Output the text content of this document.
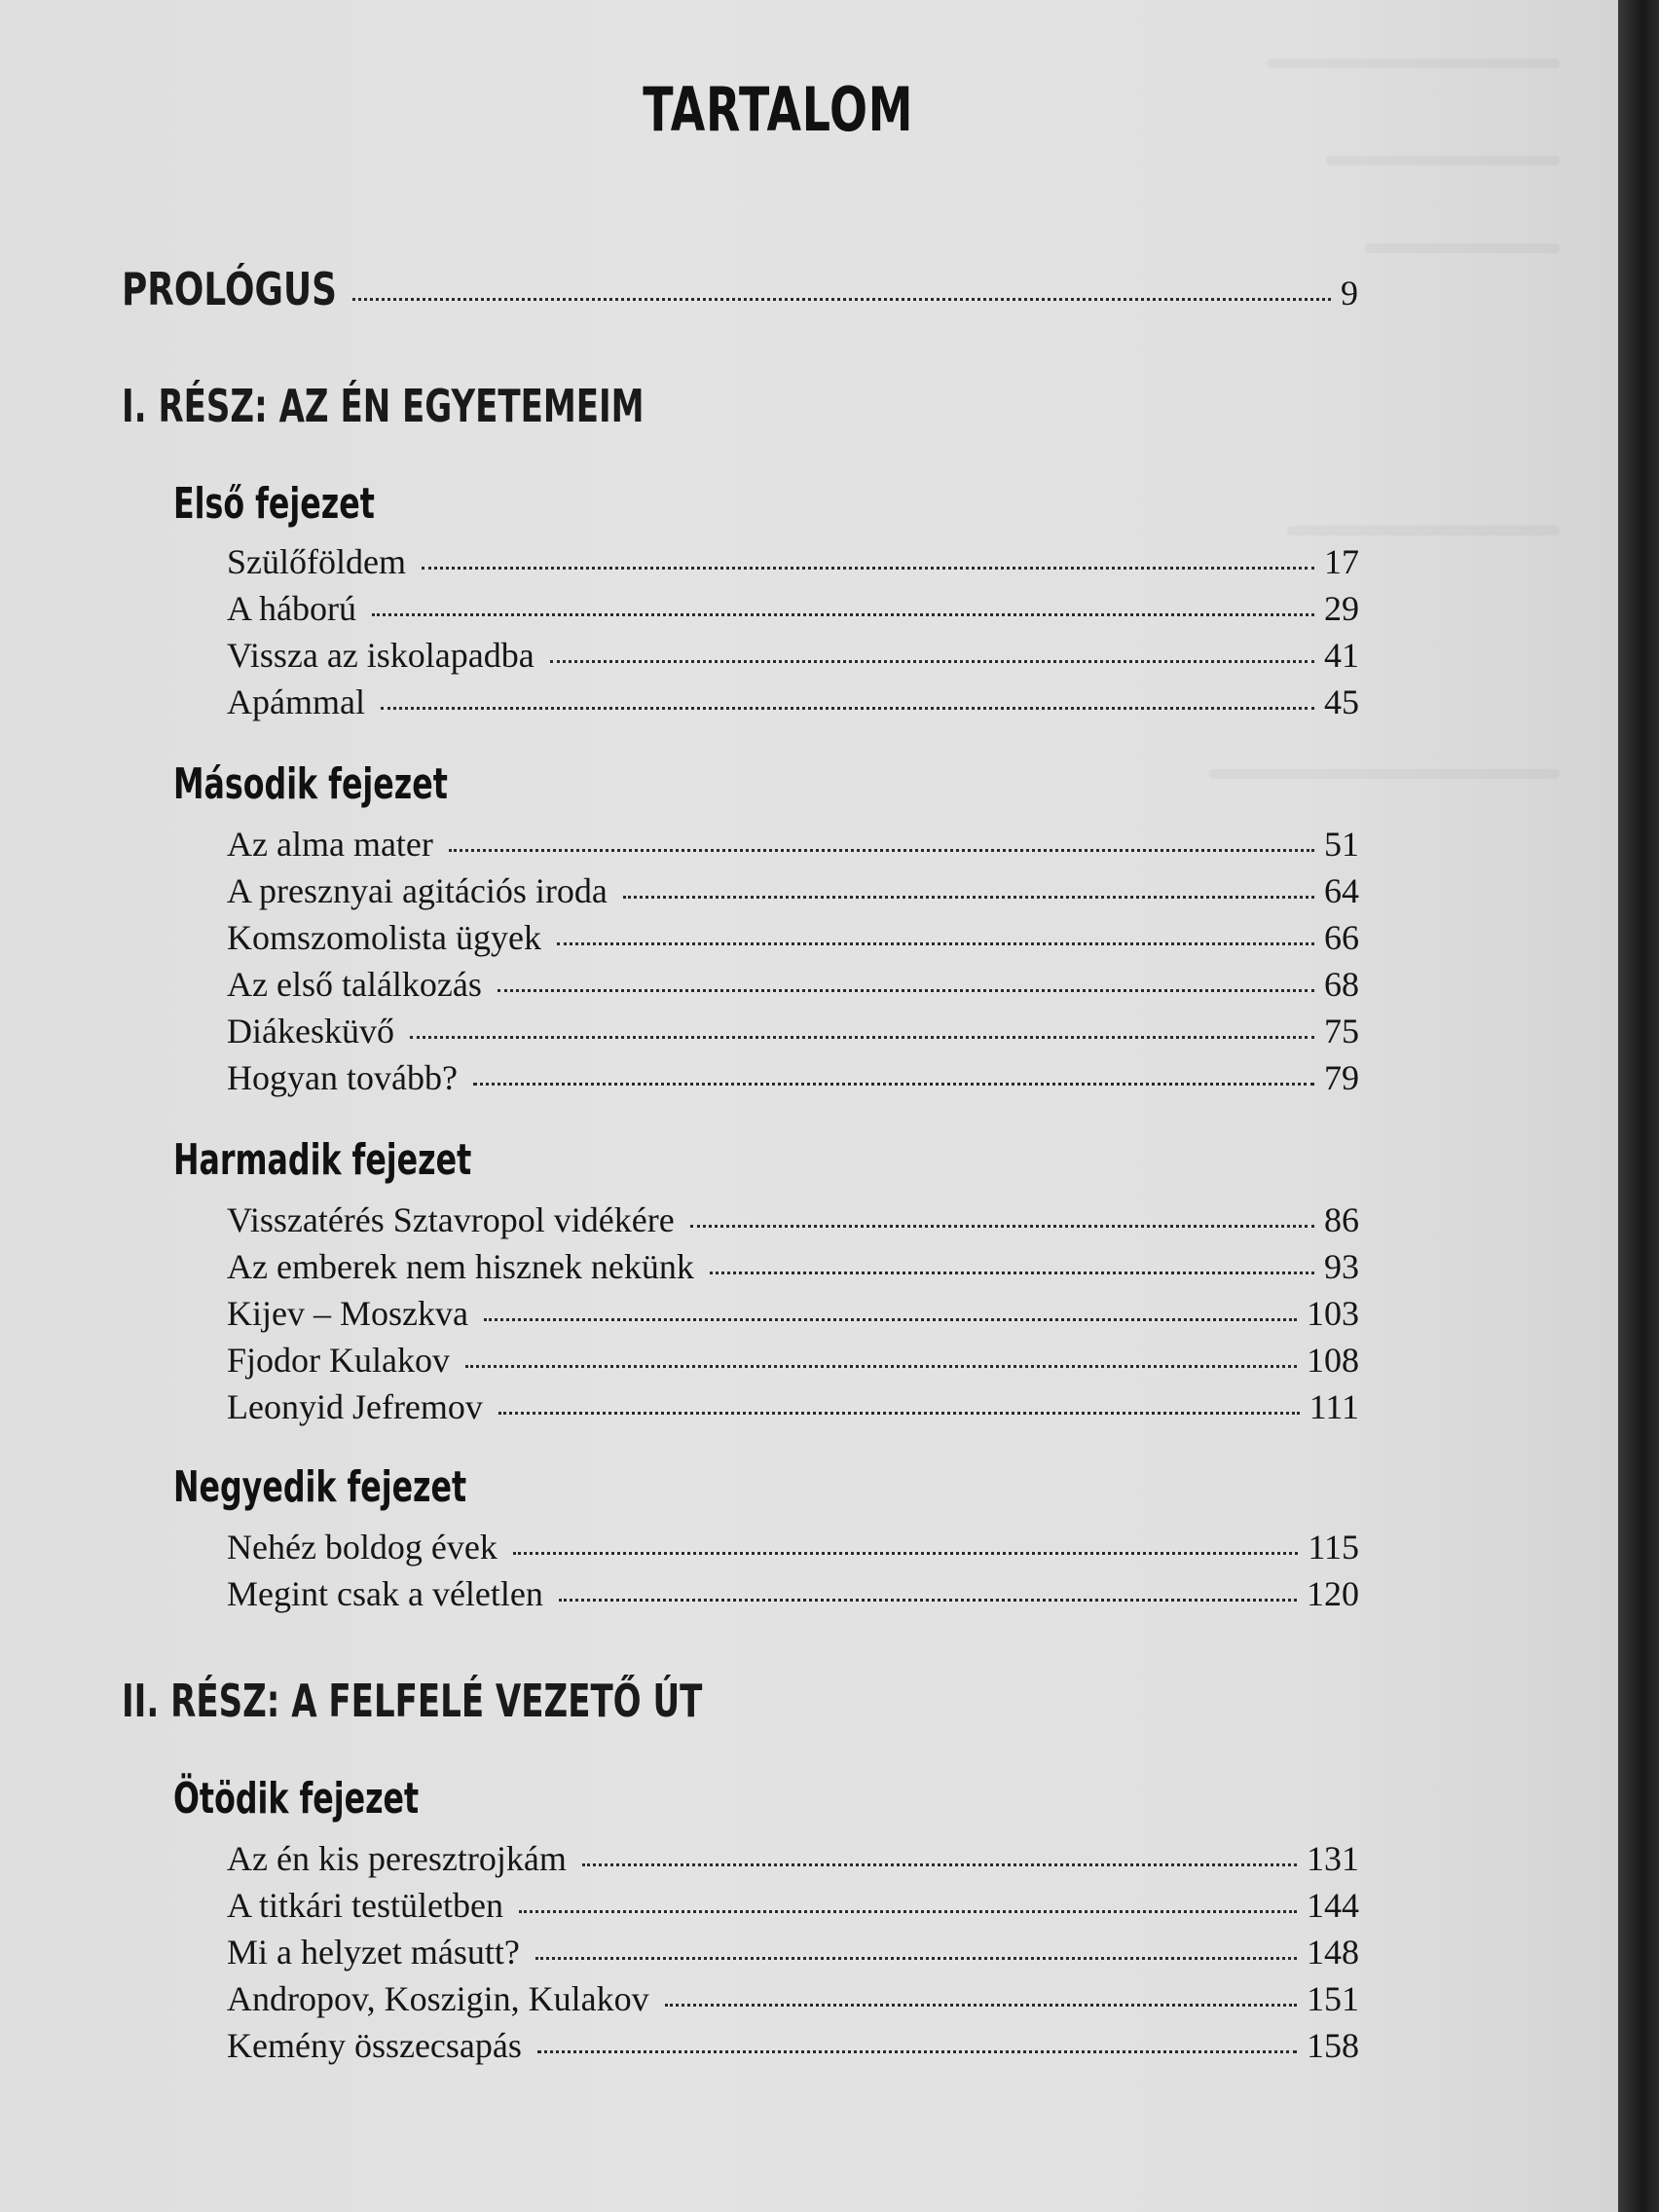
TARTALOM
PROLÓGUS	9
I. RÉSZ: AZ ÉN EGYETEMEIM
Első fejezet
Szülőföldem	17
A háború	29
Vissza az iskolapadba	41
Apámmal	45
Második fejezet
Az alma mater	51
A presznyai agitációs iroda	64
Komszomolista ügyek	66
Az első találkozás	68
Diákesküvő	75
Hogyan tovább?	79
Harmadik fejezet
Visszatérés Sztavropol vidékére	86
Az emberek nem hisznek nekünk	93
Kijev – Moszkva	103
Fjodor Kulakov	108
Leonyid Jefremov	111
Negyedik fejezet
Nehéz boldog évek	115
Megint csak a véletlen	120
II. RÉSZ: A FELFELÉ VEZETŐ ÚT
Ötödik fejezet
Az én kis peresztrojkám	131
A titkári testületben	144
Mi a helyzet másutt?	148
Andropov, Koszigin, Kulakov	151
Kemény összecsapás	158
